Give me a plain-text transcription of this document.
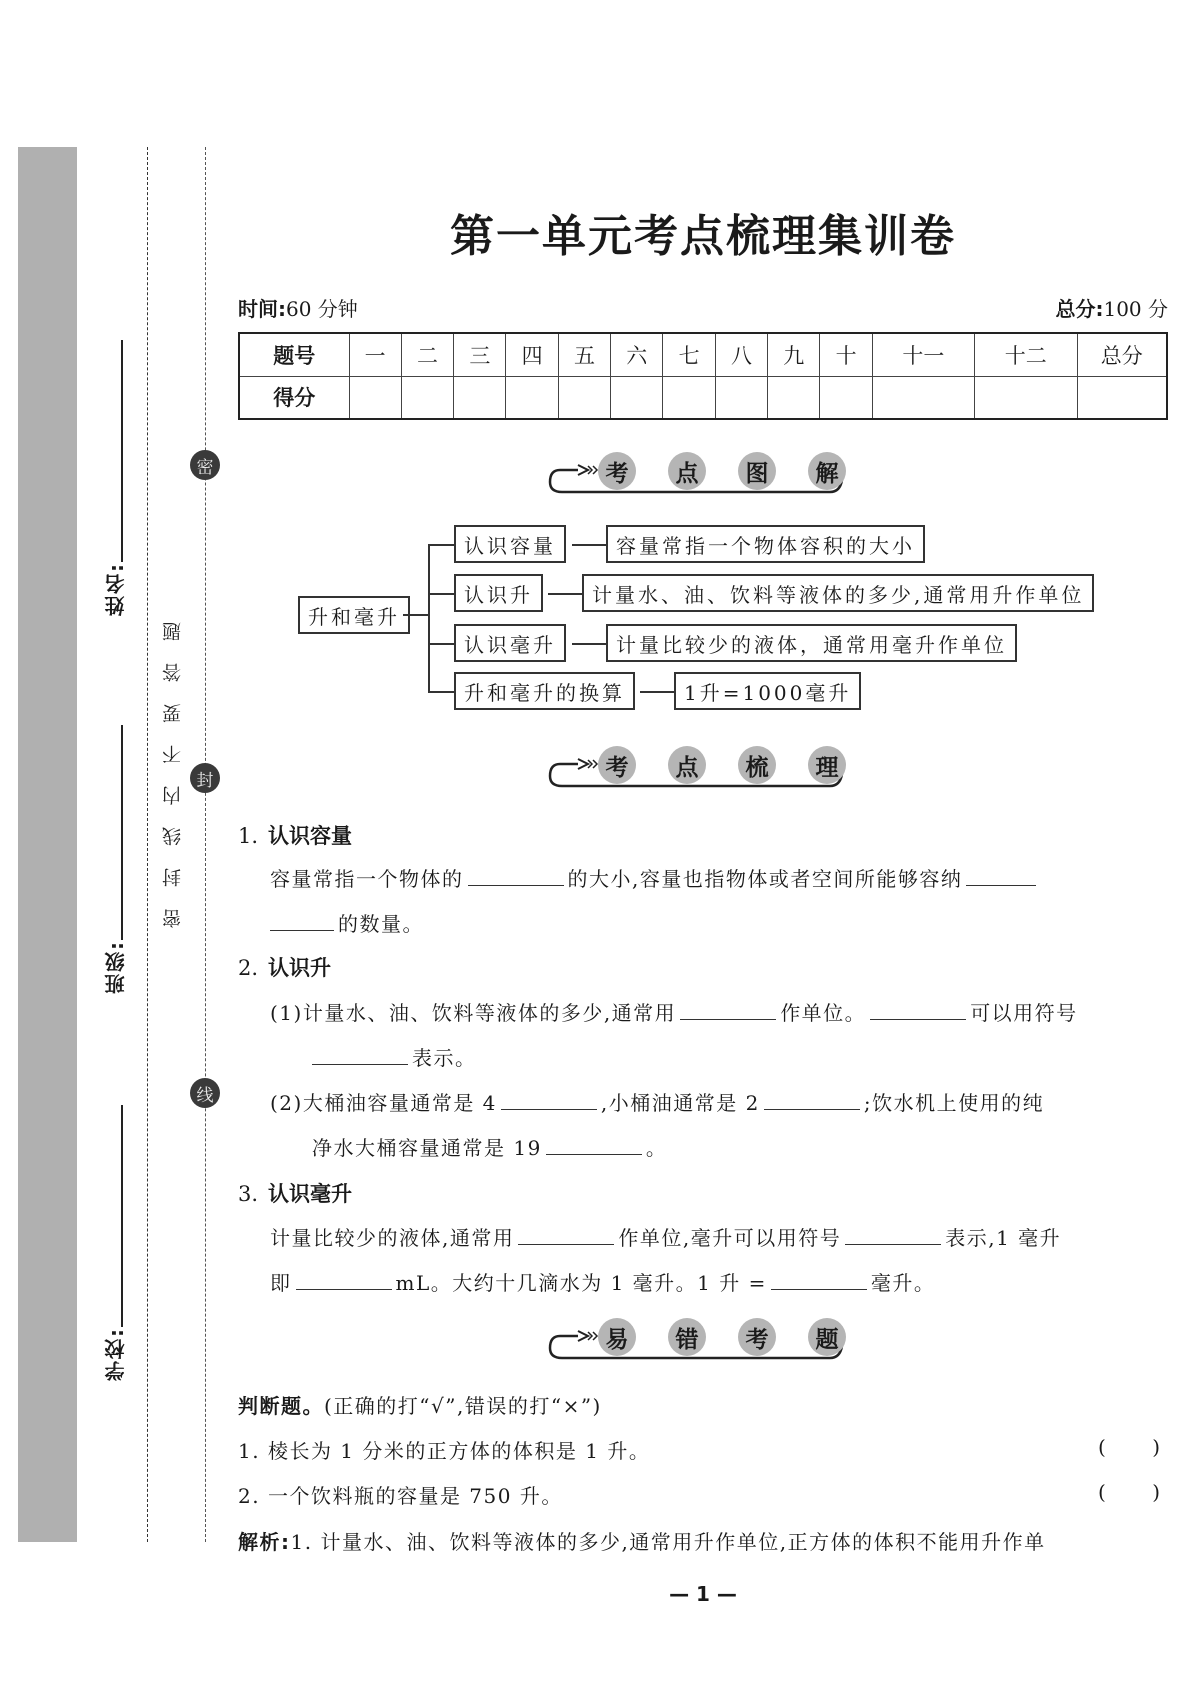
密
封
线
姓名:
班级:
学校:
密封线内不要答题
第一单元考点梳理集训卷
时间:60 分钟	总分:100 分
题号	一	二	三	四	五	六	七	八	九	十	十一	十二	总分
得分													
考	点	图	解
升和毫升
认识容量	容量常指一个物体容积的大小
认识升	计量水、油、饮料等液体的多少,通常用升作单位
认识毫升	计量比较少的液体，通常用毫升作单位
升和毫升的换算	1升=1000毫升
考	点	梳	理
1. 认识容量
容量常指一个物体的	的大小,容量也指物体或者空间所能够容纳
的数量。
2. 认识升
(1)计量水、油、饮料等液体的多少,通常用	作单位。	可以用符号
表示。
(2)大桶油容量通常是 4	,小桶油通常是 2	;饮水机上使用的纯
净水大桶容量通常是 19	。
3. 认识毫升
计量比较少的液体,通常用	作单位,毫升可以用符号	表示,1 毫升
即	mL。大约十几滴水为 1 毫升。1 升 =	毫升。
易	错	考	题
判断题。(正确的打“√”,错误的打“×”)
1. 棱长为 1 分米的正方体的体积是 1 升。	( )
2. 一个饮料瓶的容量是 750 升。	( )
解析:1. 计量水、油、饮料等液体的多少,通常用升作单位,正方体的体积不能用升作单
— 1 —
